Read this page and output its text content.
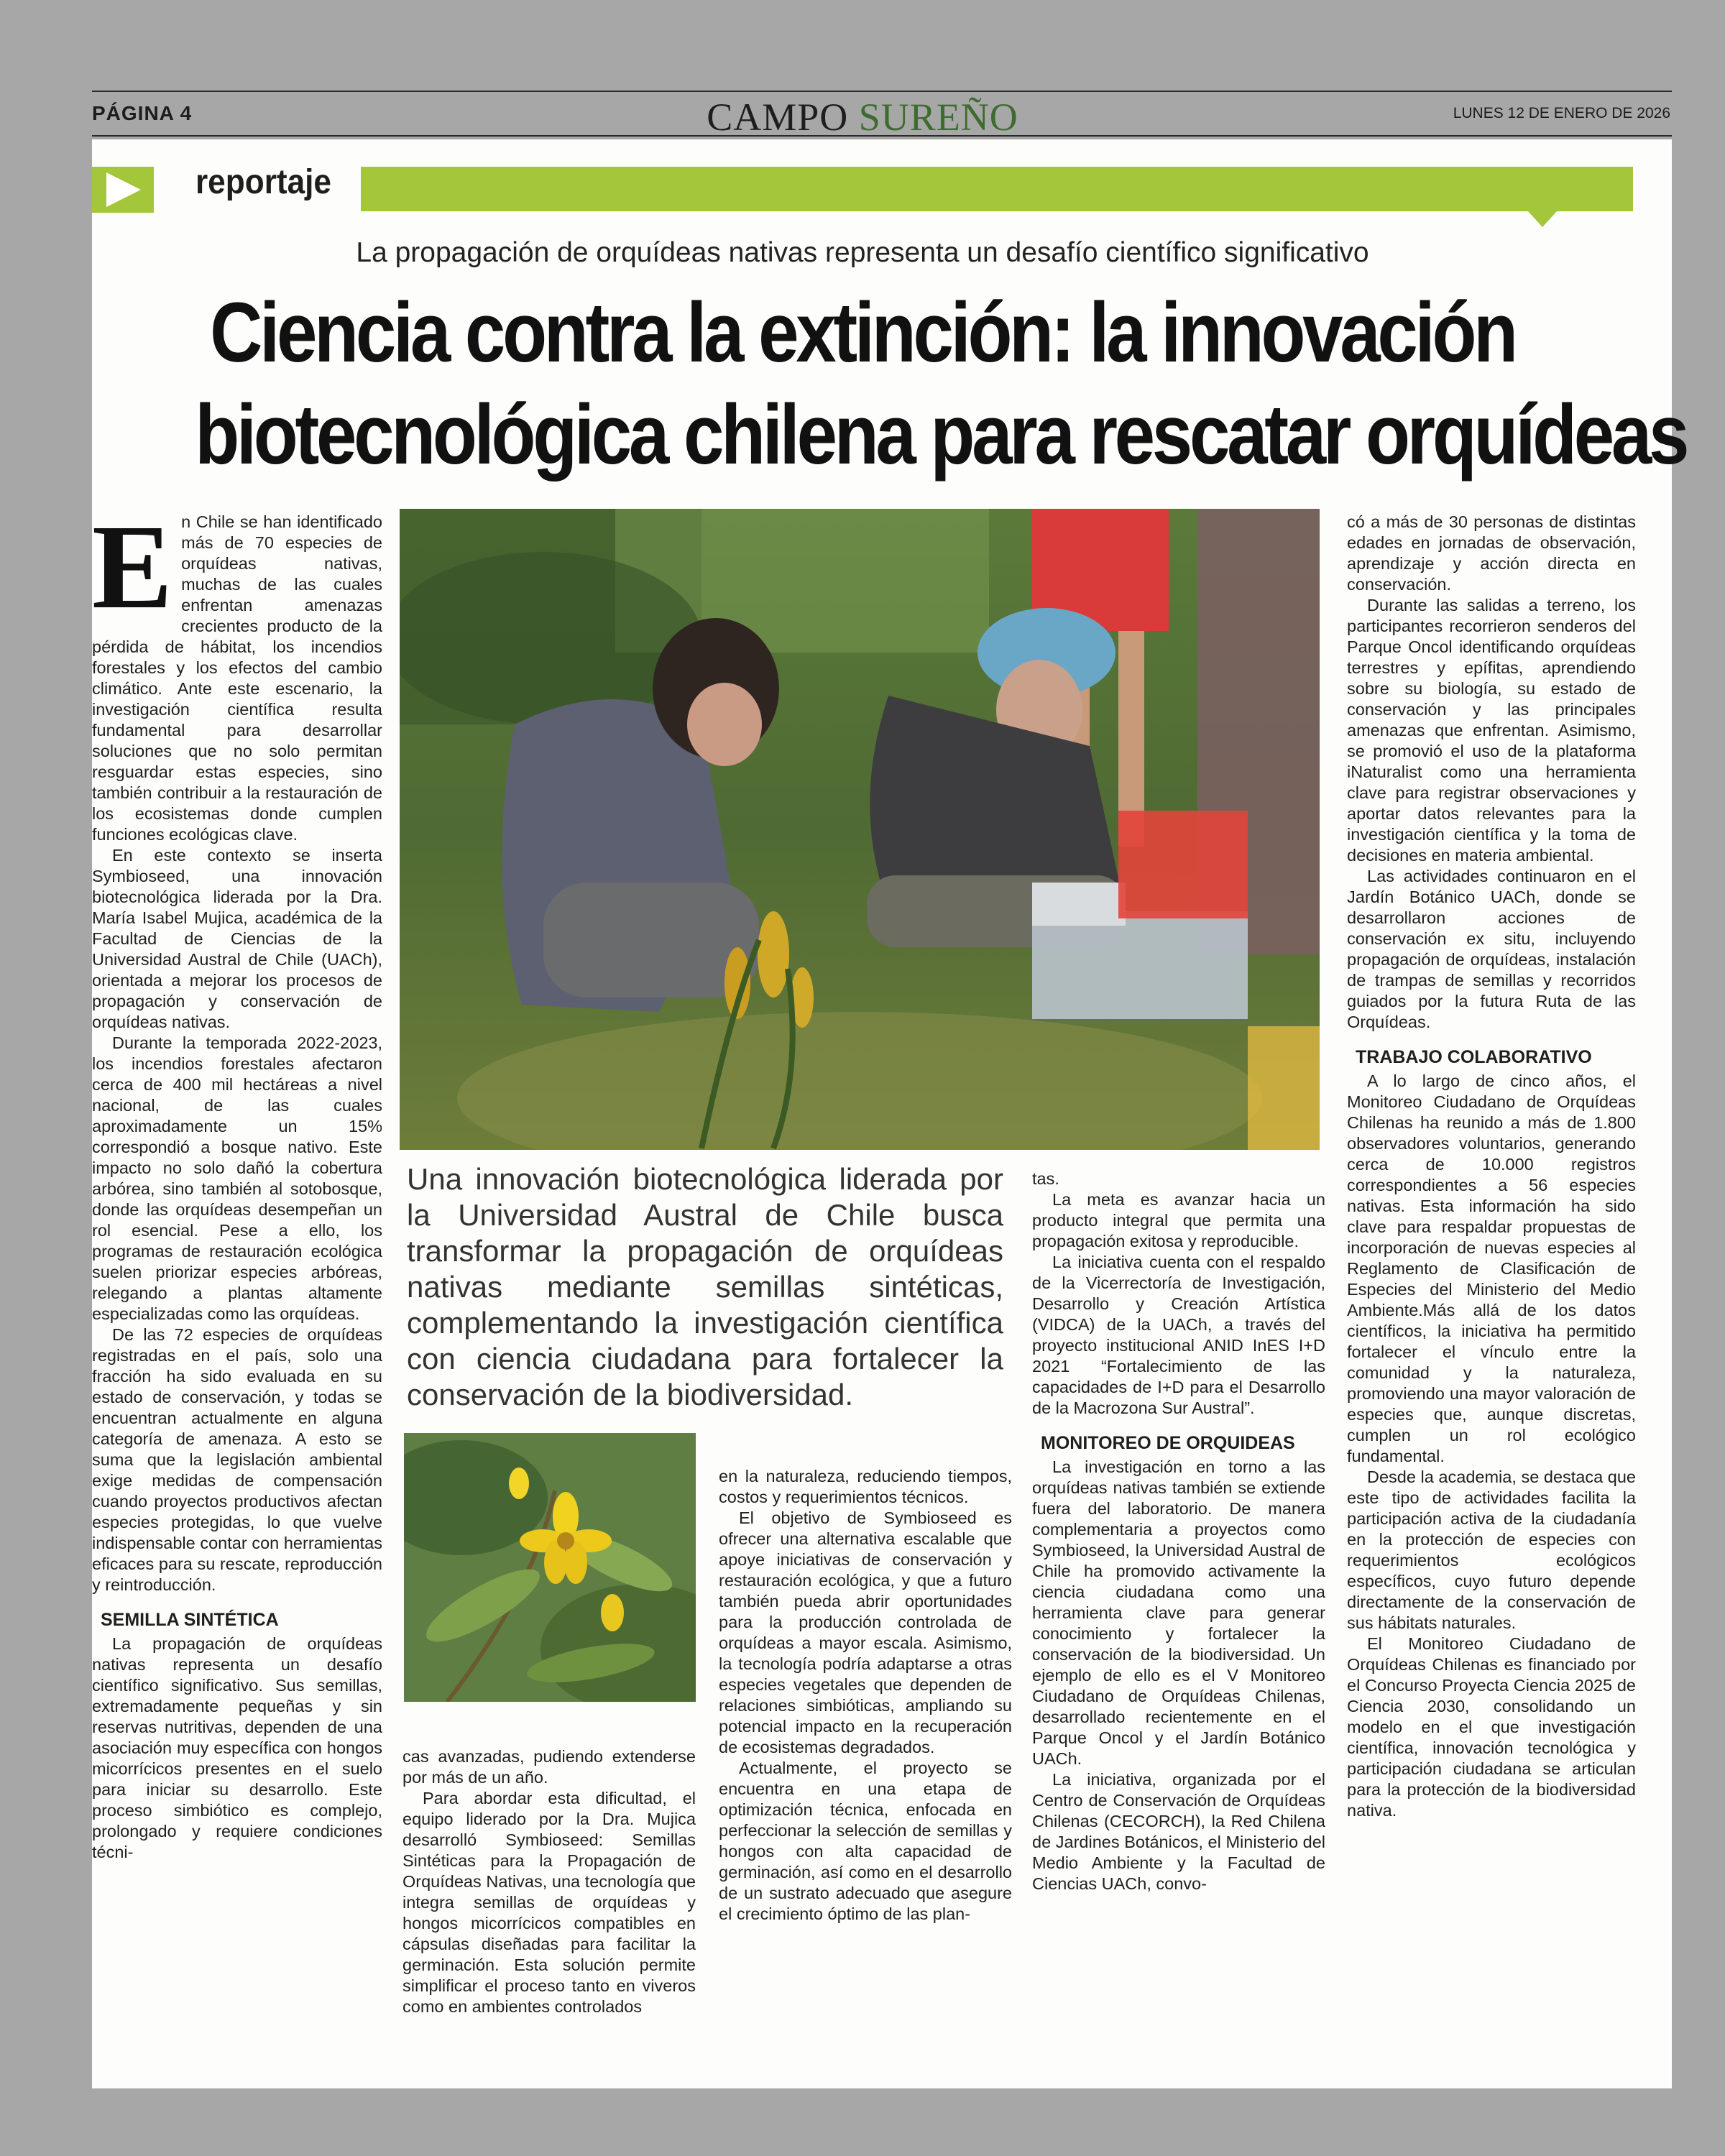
PÁGINA 4	CAMPO SUREÑO	LUNES 12 DE ENERO DE 2026
reportaje
La propagación de orquídeas nativas representa un desafío científico significativo
Ciencia contra la extinción: la innovación
biotecnológica chilena para rescatar orquídeas
Una innovación biotecnológica liderada por la Universidad Austral de Chile busca transformar la propagación de orquídeas nativas mediante semillas sintéticas, complementando la investigación científica con ciencia ciudadana para fortalecer la conservación de la biodiversidad.
E n Chile se han identificado más de 70 especies de orquídeas nativas, muchas de las cuales enfrentan amenazas crecientes producto de la pérdida de hábitat, los incendios forestales y los efectos del cambio climático. Ante este escenario, la investigación científica resulta fundamental para desarrollar soluciones que no solo permitan resguardar estas especies, sino también contribuir a la restauración de los ecosistemas donde cumplen funciones ecológicas clave.

En este contexto se inserta Symbioseed, una innovación biotecnológica liderada por la Dra. María Isabel Mujica, académica de la Facultad de Ciencias de la Universidad Austral de Chile (UACh), orientada a mejorar los procesos de propagación y conservación de orquídeas nativas.

Durante la temporada 2022-2023, los incendios forestales afectaron cerca de 400 mil hectáreas a nivel nacional, de las cuales aproximadamente un 15% correspondió a bosque nativo. Este impacto no solo dañó la cobertura arbórea, sino también al sotobosque, donde las orquídeas desempeñan un rol esencial. Pese a ello, los programas de restauración ecológica suelen priorizar especies arbóreas, relegando a plantas altamente especializadas como las orquídeas.

De las 72 especies de orquídeas registradas en el país, solo una fracción ha sido evaluada en su estado de conservación, y todas se encuentran actualmente en alguna categoría de amenaza. A esto se suma que la legislación ambiental exige medidas de compensación cuando proyectos productivos afectan especies protegidas, lo que vuelve indispensable contar con herramientas eficaces para su rescate, reproducción y reintroducción.

SEMILLA SINTÉTICA

La propagación de orquídeas nativas representa un desafío científico significativo. Sus semillas, extremadamente pequeñas y sin reservas nutritivas, dependen de una asociación muy específica con hongos micorrícicos presentes en el suelo para iniciar su desarrollo. Este proceso simbiótico es complejo, prolongado y requiere condiciones técni-

cas avanzadas, pudiendo extenderse por más de un año.

Para abordar esta dificultad, el equipo liderado por la Dra. Mujica desarrolló Symbioseed: Semillas Sintéticas para la Propagación de Orquídeas Nativas, una tecnología que integra semillas de orquídeas y hongos micorrícicos compatibles en cápsulas diseñadas para facilitar la germinación. Esta solución permite simplificar el proceso tanto en viveros como en ambientes controlados

en la naturaleza, reduciendo tiempos, costos y requerimientos técnicos.

El objetivo de Symbioseed es ofrecer una alternativa escalable que apoye iniciativas de conservación y restauración ecológica, y que a futuro también pueda abrir oportunidades para la producción controlada de orquídeas a mayor escala. Asimismo, la tecnología podría adaptarse a otras especies vegetales que dependen de relaciones simbióticas, ampliando su potencial impacto en la recuperación de ecosistemas degradados.

Actualmente, el proyecto se encuentra en una etapa de optimización técnica, enfocada en perfeccionar la selección de semillas y hongos con alta capacidad de germinación, así como en el desarrollo de un sustrato adecuado que asegure el crecimiento óptimo de las plan-

tas.

La meta es avanzar hacia un producto integral que permita una propagación exitosa y reproducible.

La iniciativa cuenta con el respaldo de la Vicerrectoría de Investigación, Desarrollo y Creación Artística (VIDCA) de la UACh, a través del proyecto institucional ANID InES I+D 2021 “Fortalecimiento de las capacidades de I+D para el Desarrollo de la Macrozona Sur Austral”.

MONITOREO DE ORQUIDEAS

La investigación en torno a las orquídeas nativas también se extiende fuera del laboratorio. De manera complementaria a proyectos como Symbioseed, la Universidad Austral de Chile ha promovido activamente la ciencia ciudadana como una herramienta clave para generar conocimiento y fortalecer la conservación de la biodiversidad. Un ejemplo de ello es el V Monitoreo Ciudadano de Orquídeas Chilenas, desarrollado recientemente en el Parque Oncol y el Jardín Botánico UACh.

La iniciativa, organizada por el Centro de Conservación de Orquídeas Chilenas (CECORCH), la Red Chilena de Jardines Botánicos, el Ministerio del Medio Ambiente y la Facultad de Ciencias UACh, convo-

có a más de 30 personas de distintas edades en jornadas de observación, aprendizaje y acción directa en conservación.

Durante las salidas a terreno, los participantes recorrieron senderos del Parque Oncol identificando orquídeas terrestres y epífitas, aprendiendo sobre su biología, su estado de conservación y las principales amenazas que enfrentan. Asimismo, se promovió el uso de la plataforma iNaturalist como una herramienta clave para registrar observaciones y aportar datos relevantes para la investigación científica y la toma de decisiones en materia ambiental.

Las actividades continuaron en el Jardín Botánico UACh, donde se desarrollaron acciones de conservación ex situ, incluyendo propagación de orquídeas, instalación de trampas de semillas y recorridos guiados por la futura Ruta de las Orquídeas.

TRABAJO COLABORATIVO

A lo largo de cinco años, el Monitoreo Ciudadano de Orquídeas Chilenas ha reunido a más de 1.800 observadores voluntarios, generando cerca de 10.000 registros correspondientes a 56 especies nativas. Esta información ha sido clave para respaldar propuestas de incorporación de nuevas especies al Reglamento de Clasificación de Especies del Ministerio del Medio Ambiente.Más allá de los datos científicos, la iniciativa ha permitido fortalecer el vínculo entre la comunidad y la naturaleza, promoviendo una mayor valoración de especies que, aunque discretas, cumplen un rol ecológico fundamental.

Desde la academia, se destaca que este tipo de actividades facilita la participación activa de la ciudadanía en la protección de especies con requerimientos ecológicos específicos, cuyo futuro depende directamente de la conservación de sus hábitats naturales.

El Monitoreo Ciudadano de Orquídeas Chilenas es financiado por el Concurso Proyecta Ciencia 2025 de Ciencia 2030, consolidando un modelo en el que investigación científica, innovación tecnológica y participación ciudadana se articulan para la protección de la biodiversidad nativa.
